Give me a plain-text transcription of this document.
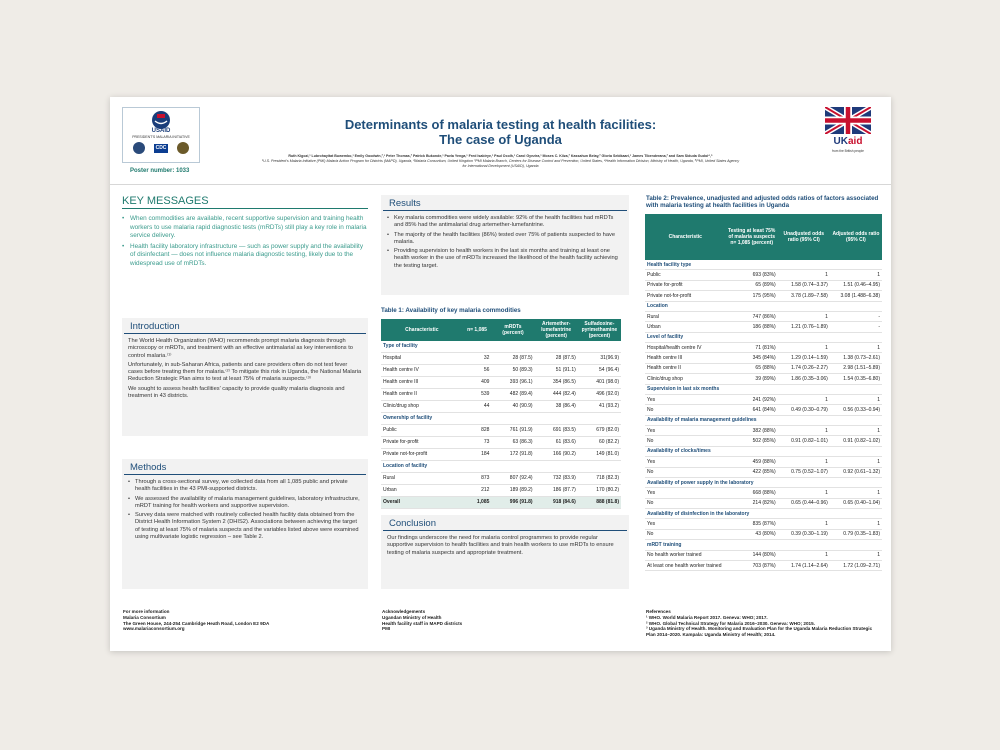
USAID
PRESIDENT'S MALARIA INITIATIVE
CDC
Poster number: 1033
Determinants of malaria testing at health facilities:
The case of Uganda
Ruth Kigozi,¹ Lubrohayitat Buwembo,¹ Emily Goodwin,²,³ Peter Thomas,² Patrick Bukonde,¹ Pavla Yenga,¹ Fred Isabirye,¹ Paul Ocolh,¹ Carol Gyezira,¹ Moses C. Kiiza,² Kassahun Belay,² Gloria Sebikaari,¹ James Tibenderana,² and Sam Siduda Gudoi⁴,⁵
¹U.S. President's Malaria Initiative (PMI) Malaria Action Program for Districts (MAPD), Uganda, ²Malaria Consortium, United Kingdom ³PMI Malaria Branch, Centers for Disease Control and Prevention, United States, ⁴Health Information Division, Ministry of Health, Uganda, ⁵PMI, United States Agency for International Development (USAID), Uganda
UKaid
from the British people
KEY MESSAGES
• When commodities are available, recent supportive supervision and training health workers to use malaria rapid diagnostic tests (mRDTs) still play a key role in malaria service delivery.
• Health facility laboratory infrastructure — such as power supply and the availability of disinfectant — does not influence malaria diagnostic testing, likely due to the widespread use of mRDTs.
Introduction

The World Health Organization (WHO) recommends prompt malaria diagnosis through microscopy or mRDTs, and treatment with an effective antimalarial as key interventions to control malaria.⁽¹⁾

Unfortunately, in sub-Saharan Africa, patients and care providers often do not test fever cases before treating them for malaria.⁽²⁾ To mitigate this risk in Uganda, the National Malaria Reduction Strategic Plan aims to test at least 75% of malaria suspects.⁽³⁾

We sought to assess health facilities' capacity to provide quality malaria diagnosis and treatment in 43 districts.

Methods
• Through a cross-sectional survey, we collected data from all 1,085 public and private health facilities in the 43 PMI-supported districts.
• We assessed the availability of malaria management guidelines, laboratory infrastructure, mRDT training for health workers and supportive supervision.
• Survey data were matched with routinely collected health facility data obtained from the District Health Information System 2 (DHIS2). Associations between achieving the target of testing at least 75% of malaria suspects and the variables listed above were examined using multivariate logistic regression – see Table 2.
Results
• Key malaria commodities were widely available: 92% of the health facilities had mRDTs and 85% had the antimalarial drug artemether-lumefantrine.
• The majority of the health facilities (86%) tested over 75% of patients suspected to have malaria.
• Providing supervision to health workers in the last six months and training at least one health worker in the use of mRDTs increased the likelihood of the health facility achieving the testing target.
Table 1: Availability of key malaria commodities
Characteristic	n= 1,085	mRDTs (percent)	Artemether-lumefantrine (percent)	Sulfadoxine-pyrimethamine (percent)
Type of facility				
Hospital	32	28 (87.5)	28 (87.5)	31(96.9)
Health centre IV	56	50 (89.3)	51 (91.1)	54 (96.4)
Health centre III	409	393 (96.1)	354 (86.5)	401 (98.0)
Health centre II	539	482 (89.4)	444 (82.4)	496 (92.0)
Clinic/drug shop	44	40 (90.9)	38 (86.4)	41 (93.2)
Ownership of facility				
Public	828	761 (91.9)	691 (83.5)	679 (82.0)
Private for-profit	73	63 (86.3)	61 (83.6)	60 (82.2)
Private not-for-profit	184	172 (91.8)	166 (90.2)	149 (81.0)
Location of facility				
Rural	873	807 (92.4)	732 (83.9)	718 (82.3)
Urban	212	189 (89.2)	186 (87.7)	170 (80.2)
Overall	1,085	996 (91.8)	918 (84.6)	888 (81.8)
Conclusion
Our findings underscore the need for malaria control programmes to provide regular supportive supervision to health facilities and train health workers to use mRDTs to ensure testing of malaria suspects and appropriate treatment.
Table 2: Prevalence, unadjusted and adjusted odds ratios of factors associated with malaria testing at health facilities in Uganda
Characteristic	Testing at least 75% of malaria suspects n= 1,085 (percent)	Unadjusted odds ratio (95% CI)	Adjusted odds ratio (95% CI)
Health facility type			
Public	693 (83%)	1	1
Private for-profit	65 (89%)	1.58 (0.74–3.37)	1.51 (0.46–4.95)
Private not-for-profit	175 (95%)	3.78 (1.89–7.58)	3.08 (1.488–6.38)
Location			
Rural	747 (86%)	1	-
Urban	186 (88%)	1.21 (0.76–1.89)	-
Level of facility			
Hospital/health centre IV	71 (81%)	1	1
Health centre III	345 (84%)	1.29 (0.14–1.59)	1.38 (0.73–2.61)
Health centre II	65 (88%)	1.74 (0.26–2.27)	2.98 (1.51–5.89)
Clinic/drug shop	39 (89%)	1.86 (0.35–3.06)	1.54 (0.35–6.80)
Supervision in last six months			
Yes	241 (92%)	1	1
No	641 (84%)	0.49 (0.30–0.79)	0.56 (0.33–0.94)
Availability of malaria management guidelines			
Yes	382 (88%)	1	1
No	502 (85%)	0.91 (0.82–1.01)	0.91 (0.82–1.02)
Availability of clocks/times			
Yes	459 (88%)	1	1
No	422 (85%)	0.75 (0.52–1.07)	0.92 (0.61–1.32)
Availability of power supply in the laboratory			
Yes	668 (88%)	1	1
No	214 (82%)	0.65 (0.44–0.96)	0.65 (0.40–1.04)
Availability of disinfection in the laboratory			
Yes	835 (87%)	1	1
No	43 (80%)	0.39 (0.30–1.19)	0.79 (0.35–1.83)
mRDT training			
No health worker trained	144 (80%)	1	1
At least one health worker trained	703 (87%)	1.74 (1.14–2.64)	1.72 (1.09–2.71)
For more information
Malaria Consortium
The Green House, 244-254 Cambridge Heath Road, London E2 9DA
www.malariaconsortium.org
Acknowledgements
Ugandan Ministry of Health
Health facility staff in MAPD districts
PMI
References
¹ WHO. World Malaria Report 2017. Geneva: WHO; 2017.
² WHO. Global Technical Strategy for Malaria 2016–2030. Geneva: WHO; 2015.
³ Uganda Ministry of Health. Monitoring and Evaluation Plan for the Uganda Malaria Reduction Strategic Plan 2014–2020. Kampala: Uganda Ministry of Health; 2014.
